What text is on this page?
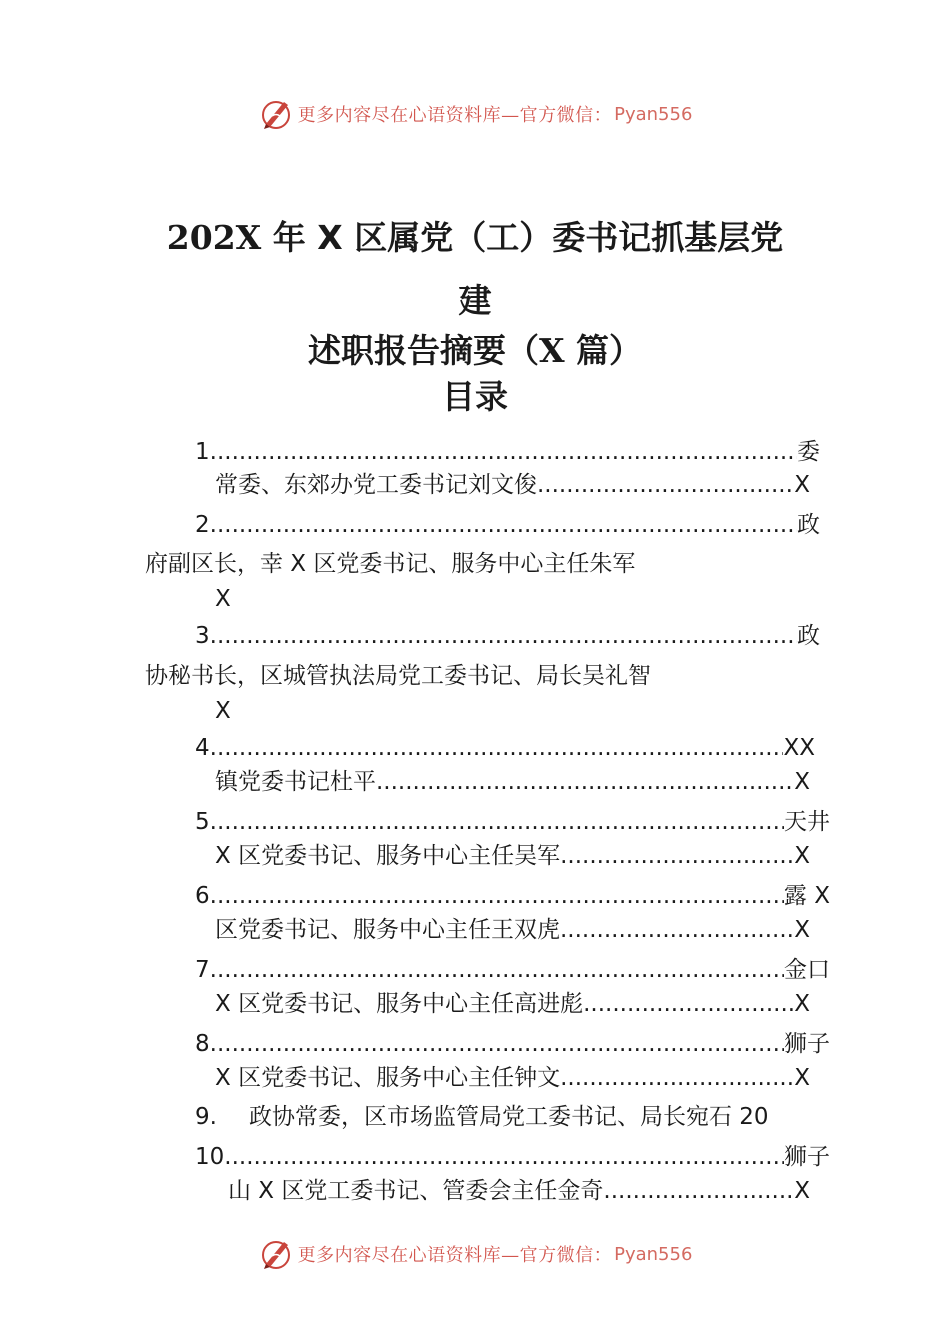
更多内容尽在心语资料库—官方微信： Pyan556
202X 年 X 区属党（工）委书记抓基层党
建
述职报告摘要（X 篇）
目录
1 .....	委
常委、东郊办党工委书记刘文俊 .....	X
2 .....	政
府副区长，幸 X 区党委书记、服务中心主任朱军
X
3 .....	政
协秘书长，区城管执法局党工委书记、局长吴礼智
X
4 .....	XX
镇党委书记杜平 .....	X
5 .....	天井
X 区党委书记、服务中心主任吴军 .....	X
6 .....	露 X
区党委书记、服务中心主任王双虎 .....	X
7 .....	金口
X 区党委书记、服务中心主任高进彪 .....	X
8 .....	狮子
X 区党委书记、服务中心主任钟文 .....	X
9. 政协常委，区市场监管局党工委书记、局长宛石 20
10 .....	狮子
山 X 区党工委书记、管委会主任金奇 .....	X
更多内容尽在心语资料库—官方微信： Pyan556
